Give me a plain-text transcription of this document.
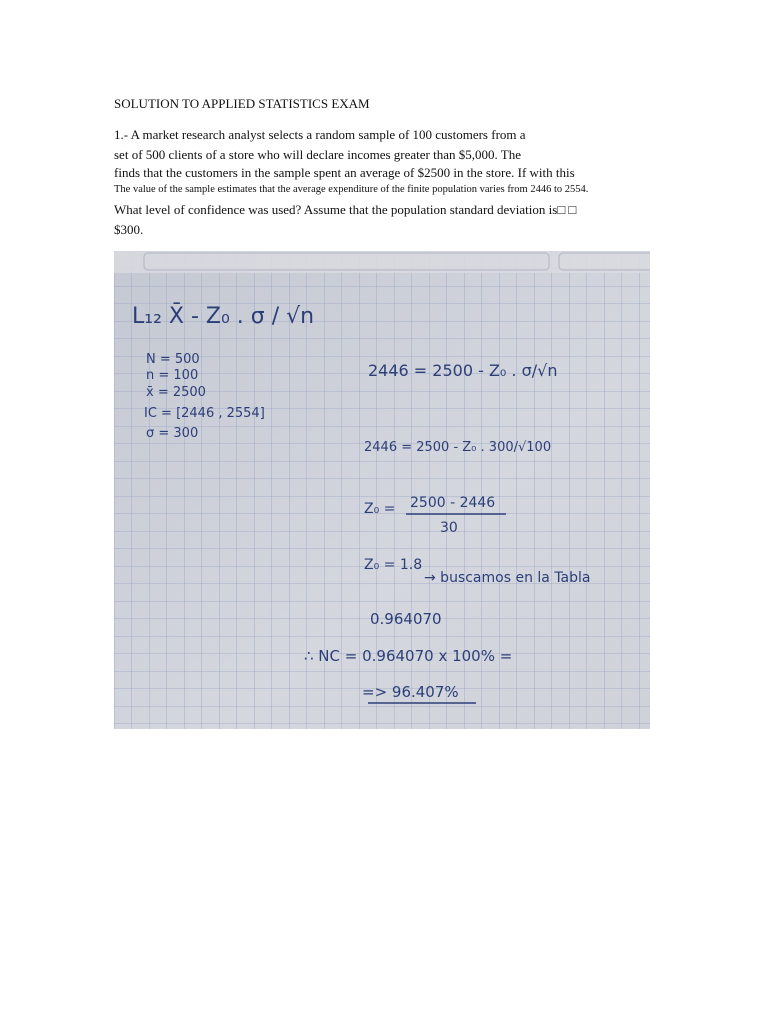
SOLUTION TO APPLIED STATISTICS EXAM
1.- A market research analyst selects a random sample of 100 customers from a
set of 500 clients of a store who will declare incomes greater than $5,000. The
finds that the customers in the sample spent an average of $2500 in the store. If with this
The value of the sample estimates that the average expenditure of the finite population varies from 2446 to 2554.
What level of confidence was used? Assume that the population standard deviation is□ □
$300.
L₁₂ X̄ - Z₀ . σ / √n
N = 500
n = 100
x̄ = 2500
IC = [2446 , 2554]
σ = 300
2446 = 2500 - Z₀ . σ/√n
2446 = 2500 - Z₀ . 300/√100
Z₀ = 2500 - 2446
30
Z₀ = 1.8
→ buscamos en la Tabla
0.964070
∴ NC = 0.964070 x 100% =
=> 96.407%
